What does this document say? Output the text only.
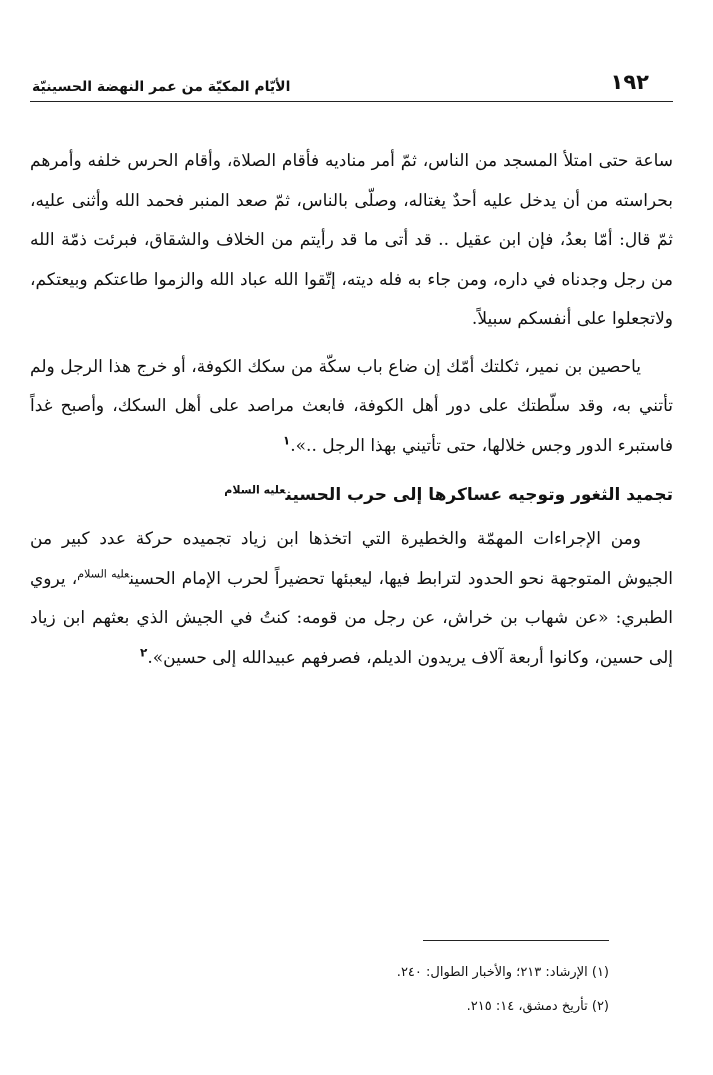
١٩٢
الأيّام المكيّة من عمر النهضة الحسينيّة

ساعة حتى امتلأ المسجد من الناس، ثمّ أمر مناديه فأقام الصلاة، وأقام الحرس خلفه وأمرهم بحراسته من أن يدخل عليه أحدٌ يغتاله، وصلّى بالناس، ثمّ صعد المنبر فحمد الله وأثنى عليه، ثمّ قال: أمّا بعدُ، فإن ابن عقيل .. قد أتى ما قد رأيتم من الخلاف والشقاق، فبرئت ذمّة الله من رجل وجدناه في داره، ومن جاء به فله ديته، إتّقوا الله عباد الله والزموا طاعتكم وبيعتكم، ولاتجعلوا على أنفسكم سبيلاً.

ياحصين بن نمير، ثكلتك أمّك إن ضاع باب سكّة من سكك الكوفة، أو خرج هذا الرجل ولم تأتني به، وقد سلّطتك على دور أهل الكوفة، فابعث مراصد على أهل السكك، وأصبح غداً فاستبرء الدور وجس خلالها، حتى تأتيني بهذا الرجل ..».$^١$

تجميد الثغور وتوجيه عساكرها إلى حرب الحسين$^{عليه السلام}$

ومن الإجراءات المهمّة والخطيرة التي اتخذها ابن زياد تجميده حركة عدد كبير من الجيوش المتوجهة نحو الحدود لترابط فيها، ليعبئها تحضيراً لحرب الإمام الحسين$^{عليه السلام}$، يروي الطبري: «عن شهاب بن خراش، عن رجل من قومه: كنتُ في الجيش الذي بعثهم ابن زياد إلى حسين، وكانوا أربعة آلاف يريدون الديلم، فصرفهم عبيدالله إلى حسين».$^٢$

(١) الإرشاد: ٢١٣؛ والأخبار الطوال: ٢٤٠.

(٢) تأريخ دمشق، ١٤: ٢١٥.
